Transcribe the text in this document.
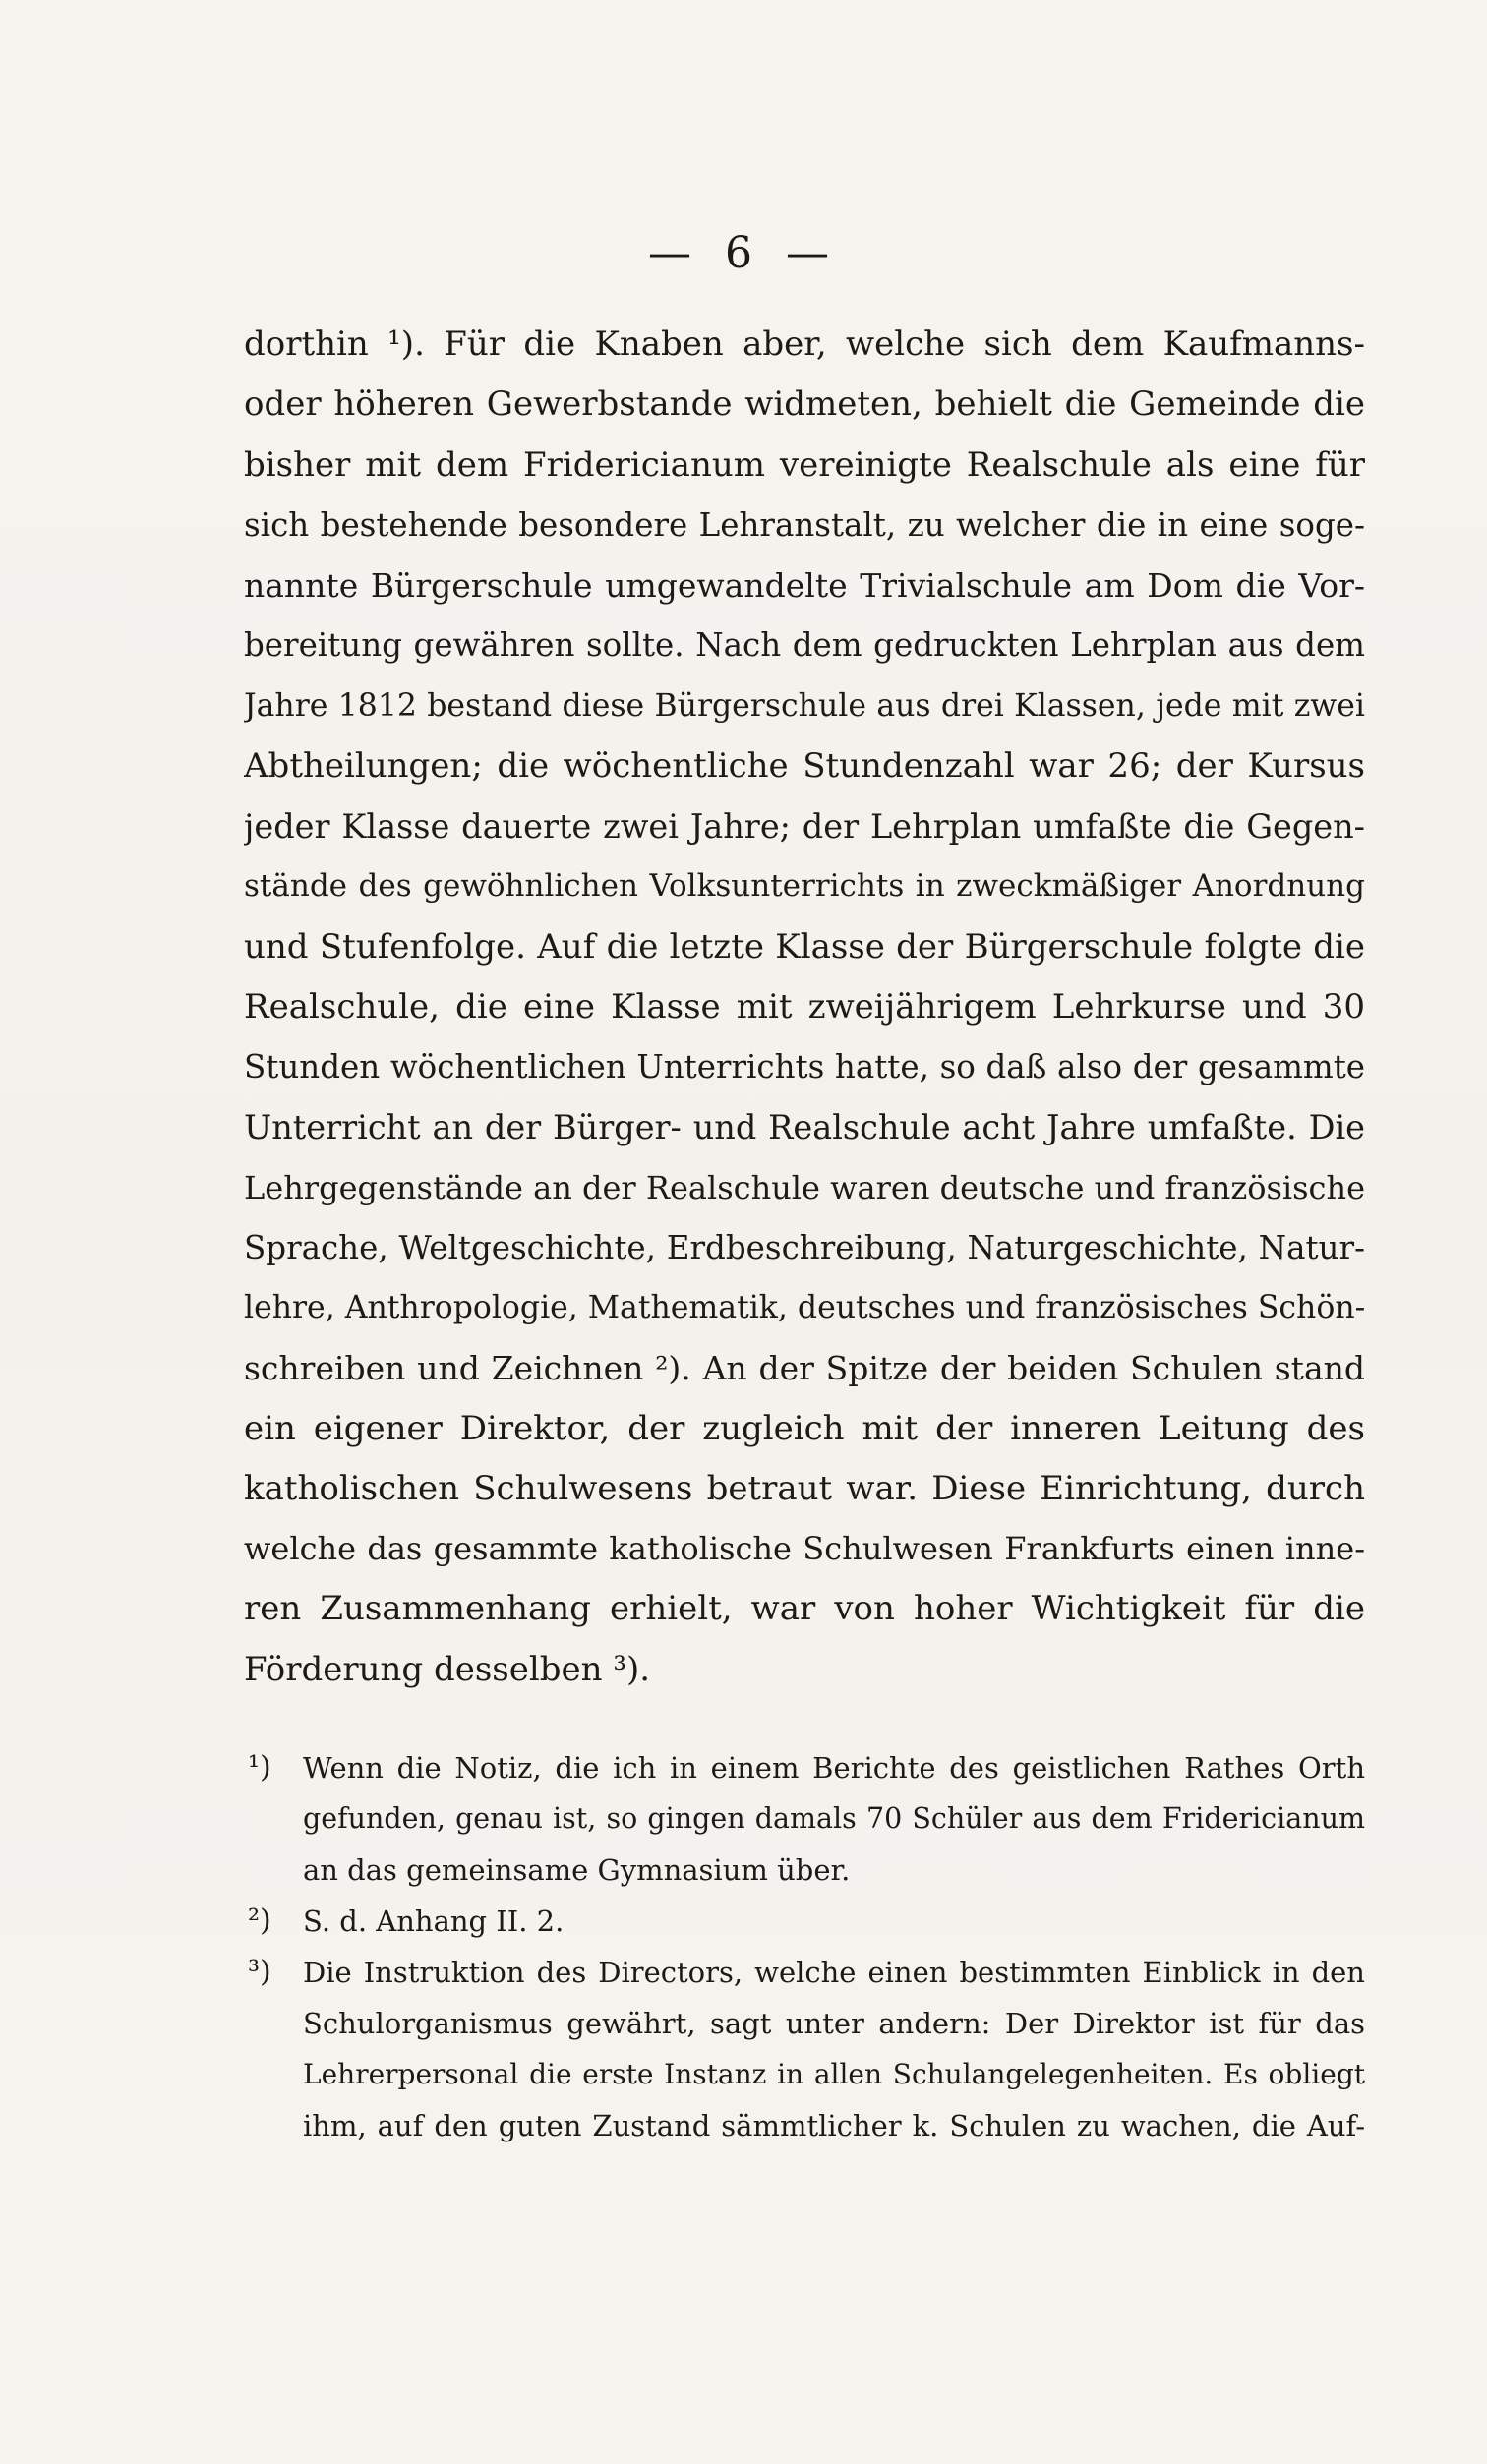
— 6 —
dorthin ¹). Für die Knaben aber, welche sich dem Kaufmanns-
oder höheren Gewerbstande widmeten, behielt die Gemeinde die
bisher mit dem Fridericianum vereinigte Realschule als eine für
sich bestehende besondere Lehranstalt, zu welcher die in eine soge-
nannte Bürgerschule umgewandelte Trivialschule am Dom die Vor-
bereitung gewähren sollte. Nach dem gedruckten Lehrplan aus dem
Jahre 1812 bestand diese Bürgerschule aus drei Klassen, jede mit zwei
Abtheilungen; die wöchentliche Stundenzahl war 26; der Kursus
jeder Klasse dauerte zwei Jahre; der Lehrplan umfaßte die Gegen-
stände des gewöhnlichen Volksunterrichts in zweckmäßiger Anordnung
und Stufenfolge. Auf die letzte Klasse der Bürgerschule folgte die
Realschule, die eine Klasse mit zweijährigem Lehrkurse und 30
Stunden wöchentlichen Unterrichts hatte, so daß also der gesammte
Unterricht an der Bürger- und Realschule acht Jahre umfaßte. Die
Lehrgegenstände an der Realschule waren deutsche und französische
Sprache, Weltgeschichte, Erdbeschreibung, Naturgeschichte, Natur-
lehre, Anthropologie, Mathematik, deutsches und französisches Schön-
schreiben und Zeichnen ²). An der Spitze der beiden Schulen stand
ein eigener Direktor, der zugleich mit der inneren Leitung des
katholischen Schulwesens betraut war. Diese Einrichtung, durch
welche das gesammte katholische Schulwesen Frankfurts einen inne-
ren Zusammenhang erhielt, war von hoher Wichtigkeit für die
Förderung desselben ³).
¹) Wenn die Notiz, die ich in einem Berichte des geistlichen Rathes Orth
gefunden, genau ist, so gingen damals 70 Schüler aus dem Fridericianum
an das gemeinsame Gymnasium über.
²) S. d. Anhang II. 2.
³) Die Instruktion des Directors, welche einen bestimmten Einblick in den
Schulorganismus gewährt, sagt unter andern: Der Direktor ist für das
Lehrerpersonal die erste Instanz in allen Schulangelegenheiten. Es obliegt
ihm, auf den guten Zustand sämmtlicher k. Schulen zu wachen, die Auf-
